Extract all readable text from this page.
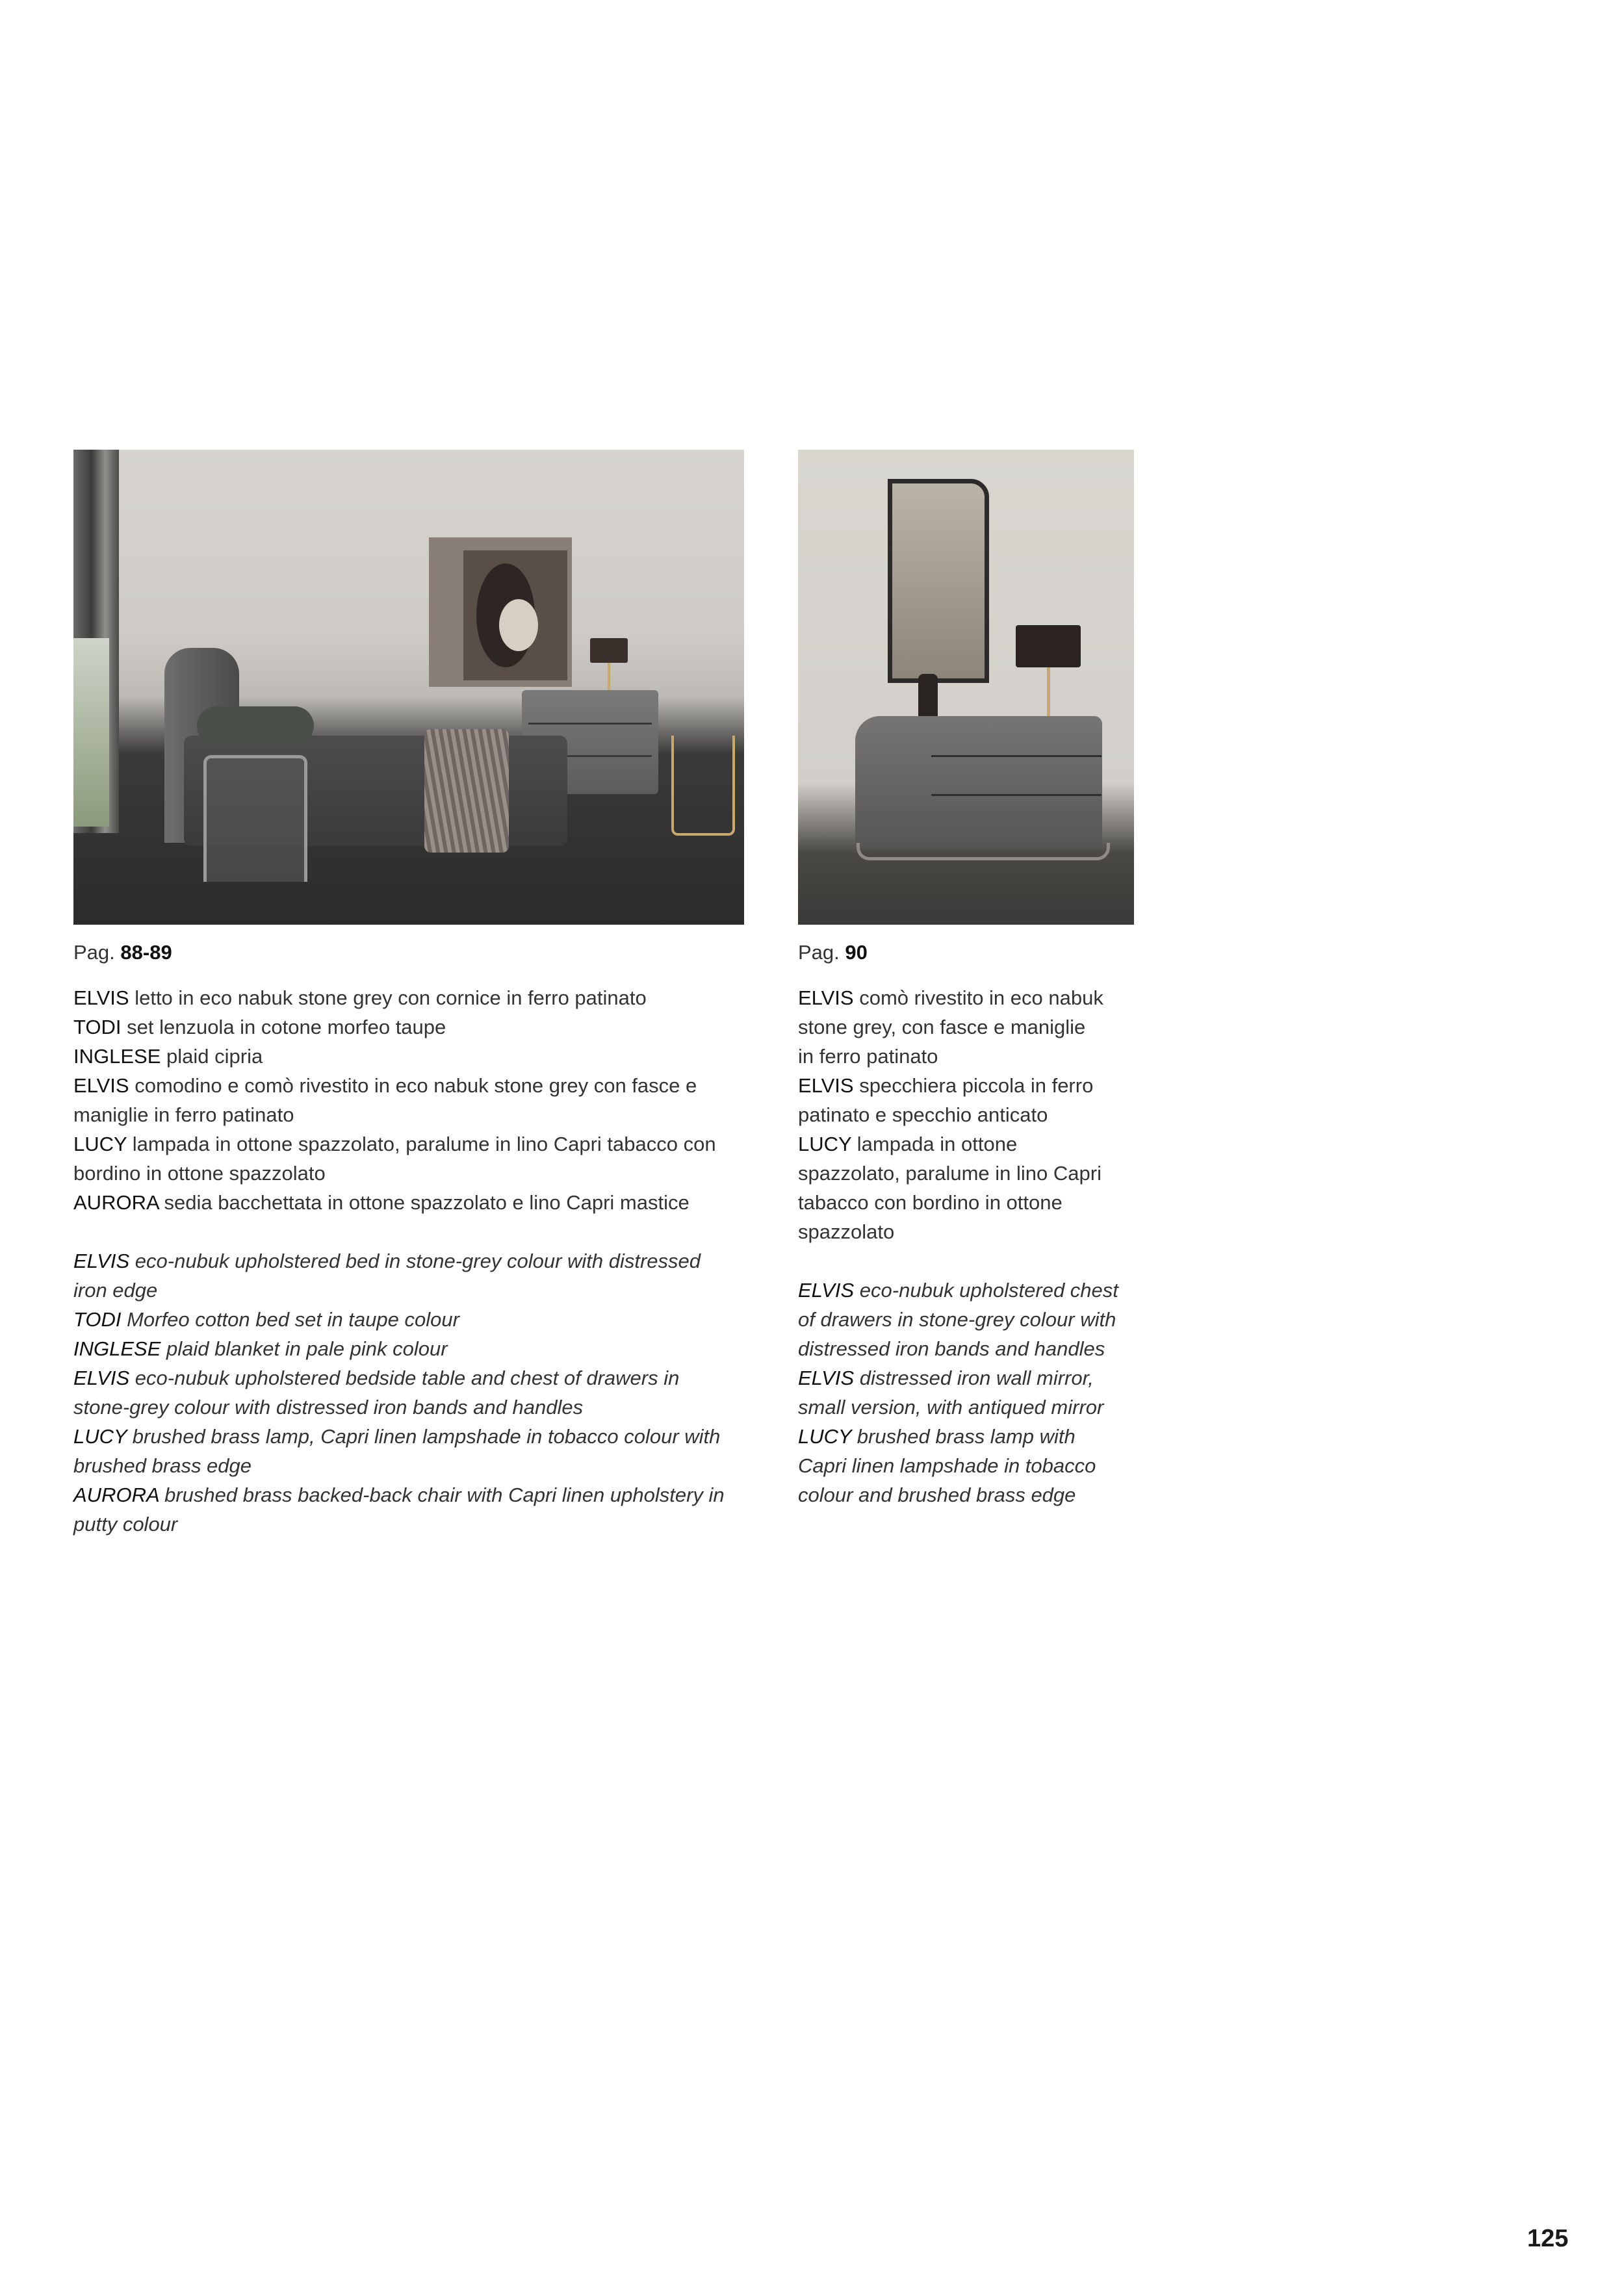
Pag. 88-89

ELVIS letto in eco nabuk stone grey con cornice in ferro patinato

TODI set lenzuola in cotone morfeo taupe

INGLESE plaid cipria

ELVIS comodino e comò rivestito in eco nabuk stone grey con fasce e

maniglie in ferro patinato

LUCY lampada in ottone spazzolato, paralume in lino Capri tabacco con

bordino in ottone spazzolato

AURORA sedia bacchettata in ottone spazzolato e lino Capri mastice

ELVIS eco-nubuk upholstered bed in stone-grey colour with distressed

iron edge

TODI Morfeo cotton bed set in taupe colour

INGLESE plaid blanket in pale pink colour

ELVIS eco-nubuk upholstered bedside table and chest of drawers in

stone-grey colour with distressed iron bands and handles

LUCY brushed brass lamp, Capri linen lampshade in tobacco colour with

brushed brass edge

AURORA brushed brass backed-back chair with Capri linen upholstery in

putty colour

Pag. 90

ELVIS comò rivestito in eco nabuk

stone grey, con fasce e maniglie

in ferro patinato

ELVIS specchiera piccola in ferro

patinato e specchio anticato

LUCY lampada in ottone

spazzolato, paralume in lino Capri

tabacco con bordino in ottone

spazzolato

ELVIS eco-nubuk upholstered chest

of drawers in stone-grey colour with

distressed iron bands and handles

ELVIS distressed iron wall mirror,

small version, with antiqued mirror

LUCY brushed brass lamp with

Capri linen lampshade in tobacco

colour and brushed brass edge

125
